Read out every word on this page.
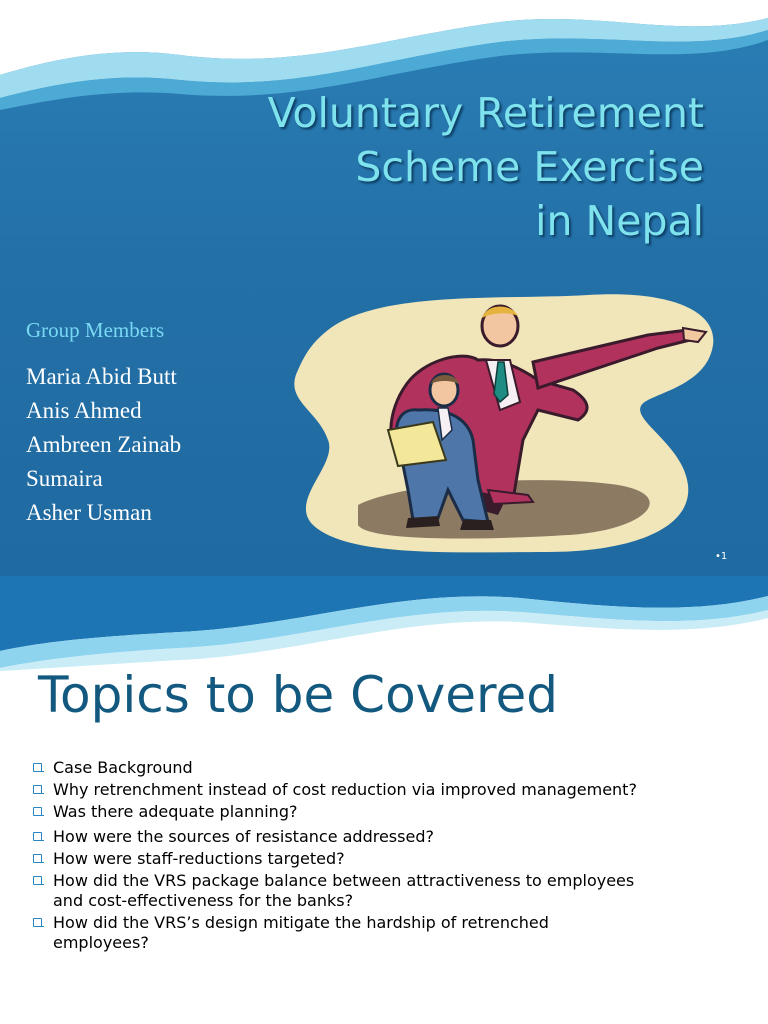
Voluntary Retirement
Scheme Exercise
in Nepal
Group Members
Maria Abid Butt
Anis Ahmed
Ambreen Zainab
Sumaira
Asher Usman
•1
Topics to be Covered
Case Background
Why retrenchment instead of cost reduction via improved management?
Was there adequate planning?
How were the sources of resistance addressed?
How were staff-reductions targeted?
How did the VRS package balance between attractiveness to employees and cost-effectiveness for the banks?
How did the VRS’s design mitigate the hardship of retrenched employees?
